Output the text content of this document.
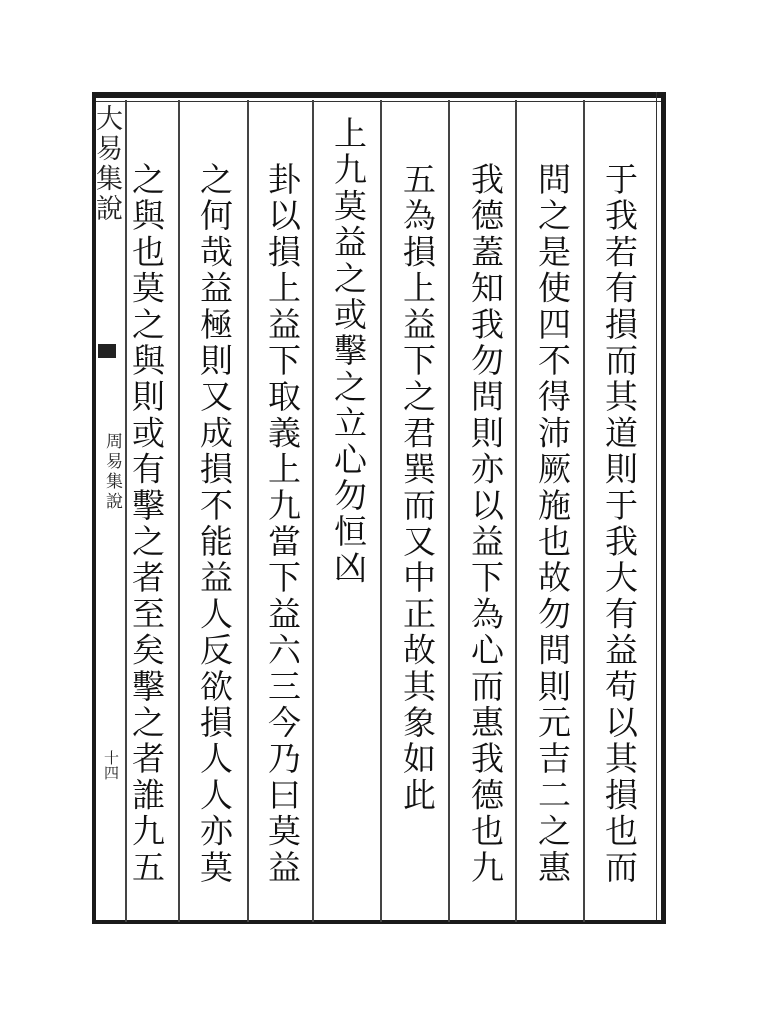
大易集說
周易集說
十四	于我若有損而其道則于我大有益苟以其損也而
問之是使四不得沛厥施也故勿問則元吉二之惠
我德蓋知我勿問則亦以益下為心而惠我德也九
五為損上益下之君巽而又中正故其象如此
上九莫益之或擊之立心勿恒凶
卦以損上益下取義上九當下益六三今乃曰莫益
之何哉益極則又成損不能益人反欲損人人亦莫
之與也莫之與則或有擊之者至矣擊之者誰九五
